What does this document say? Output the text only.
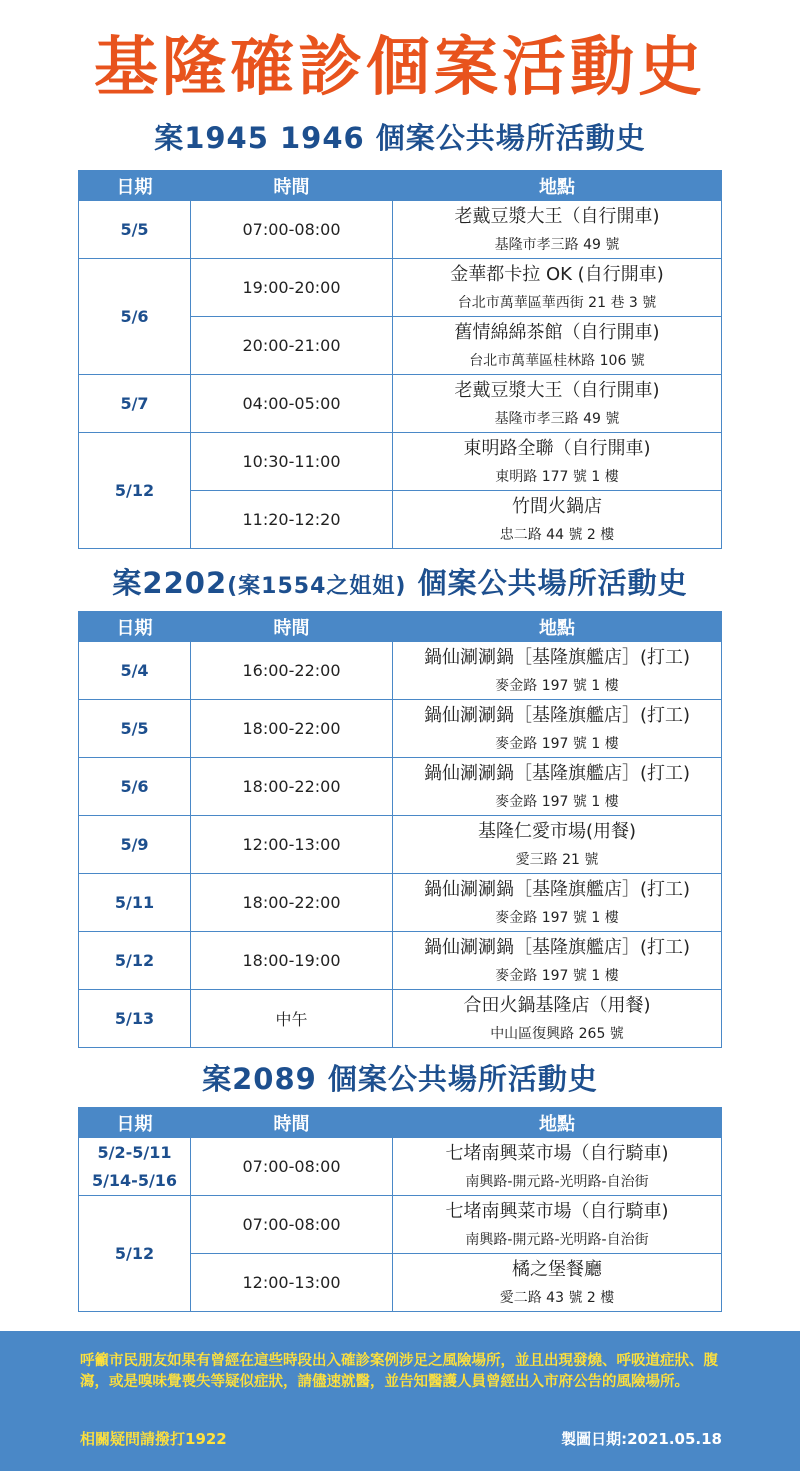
基隆確診個案活動史
案1945 1946 個案公共場所活動史
日期	時間	地點

5/5	07:00-08:00	老戴豆漿大王（自行開車)
基隆市孝三路 49 號

5/6	19:00-20:00	金華都卡拉 OK (自行開車)
台北市萬華區華西街 21 巷 3 號

	20:00-21:00	舊情綿綿茶館（自行開車)
台北市萬華區桂林路 106 號

5/7	04:00-05:00	老戴豆漿大王（自行開車)
基隆市孝三路 49 號

5/12	10:30-11:00	東明路全聯（自行開車)
東明路 177 號 1 樓

	11:20-12:20	竹間火鍋店
忠二路 44 號 2 樓
案2202(案1554之姐姐) 個案公共場所活動史
日期	時間	地點

5/4	16:00-22:00	鍋仙涮涮鍋［基隆旗艦店］(打工)
麥金路 197 號 1 樓

5/5	18:00-22:00	鍋仙涮涮鍋［基隆旗艦店］(打工)
麥金路 197 號 1 樓

5/6	18:00-22:00	鍋仙涮涮鍋［基隆旗艦店］(打工)
麥金路 197 號 1 樓

5/9	12:00-13:00	基隆仁愛市場(用餐)
愛三路 21 號

5/11	18:00-22:00	鍋仙涮涮鍋［基隆旗艦店］(打工)
麥金路 197 號 1 樓

5/12	18:00-19:00	鍋仙涮涮鍋［基隆旗艦店］(打工)
麥金路 197 號 1 樓

5/13	中午	合田火鍋基隆店（用餐)
中山區復興路 265 號
案2089 個案公共場所活動史
日期	時間	地點

5/2-5/11
5/14-5/16	07:00-08:00	七堵南興菜市場（自行騎車)
南興路-開元路-光明路-自治街

5/12	07:00-08:00	七堵南興菜市場（自行騎車)
南興路-開元路-光明路-自治街

	12:00-13:00	橘之堡餐廳
愛二路 43 號 2 樓
呼籲市民朋友如果有曾經在這些時段出入確診案例涉足之風險場所，並且出現發燒、呼吸道症狀、腹瀉，或是嗅味覺喪失等疑似症狀，請儘速就醫，並告知醫護人員曾經出入市府公告的風險場所。
相關疑問請撥打1922	製圖日期:2021.05.18
